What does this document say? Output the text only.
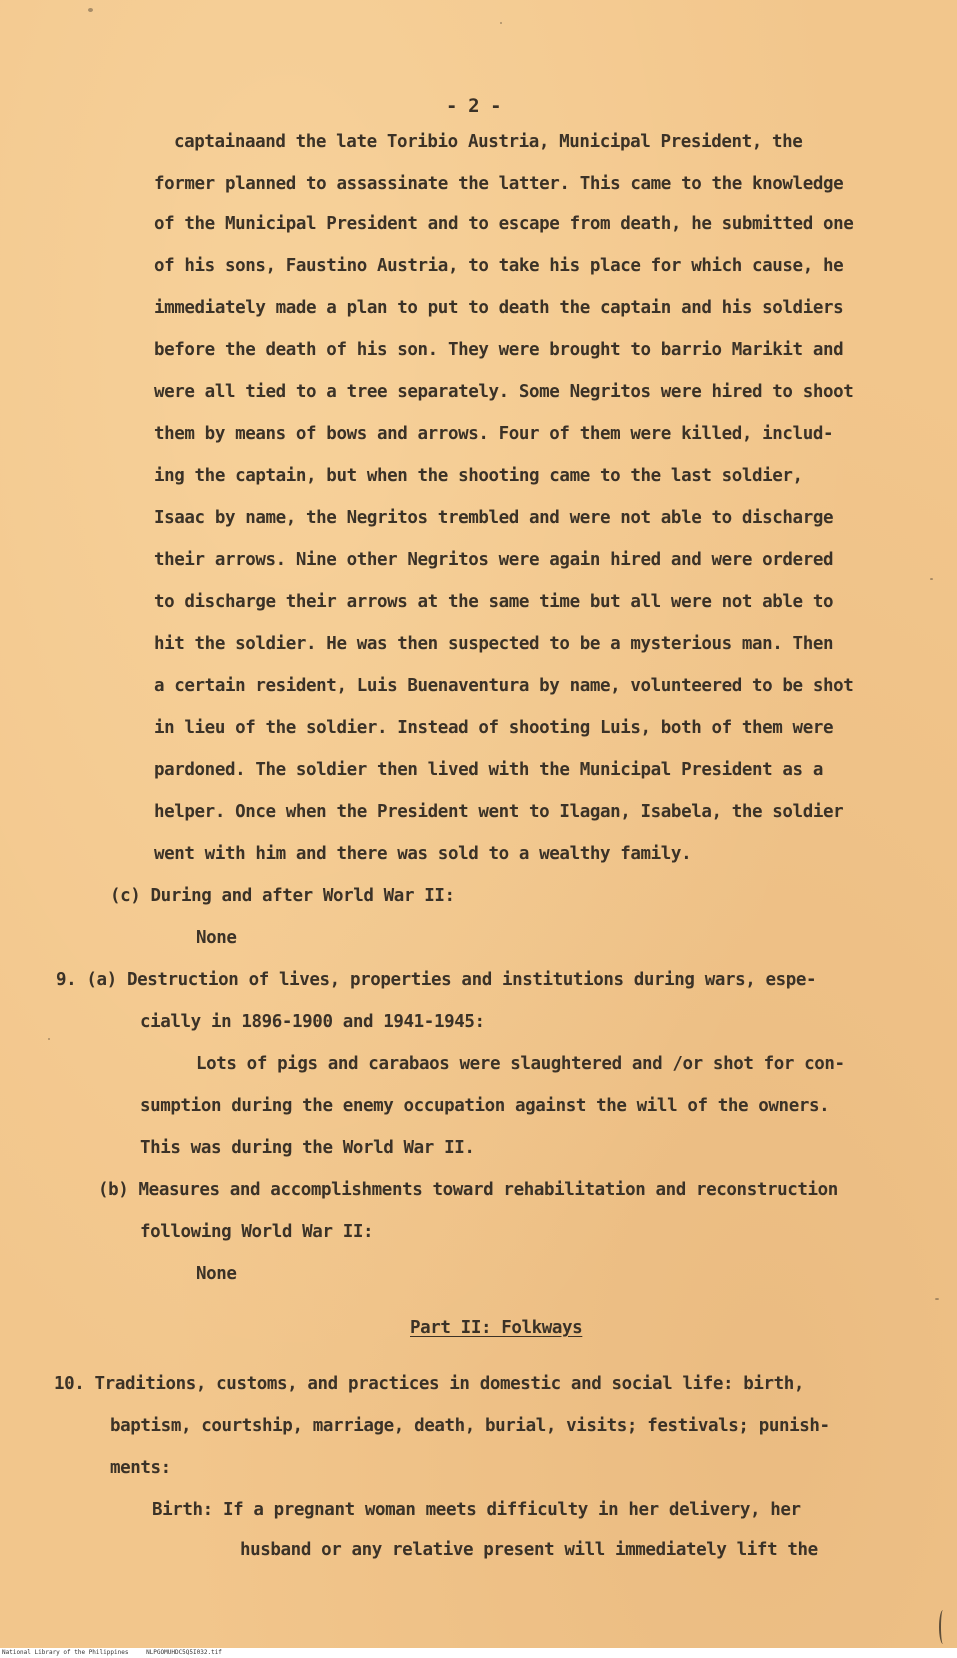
- 2 -
captainaand the late Toribio Austria, Municipal President, the
former planned to assassinate the latter. This came to the knowledge
of the Municipal President and to escape from death, he submitted one
of his sons, Faustino Austria, to take his place for which cause, he
immediately made a plan to put to death the captain and his soldiers
before the death of his son. They were brought to barrio Marikit and
were all tied to a tree separately. Some Negritos were hired to shoot
them by means of bows and arrows. Four of them were killed, includ-
ing the captain, but when the shooting came to the last soldier,
Isaac by name, the Negritos trembled and were not able to discharge
their arrows. Nine other Negritos were again hired and were ordered
to discharge their arrows at the same time but all were not able to
hit the soldier. He was then suspected to be a mysterious man. Then
a certain resident, Luis Buenaventura by name, volunteered to be shot
in lieu of the soldier. Instead of shooting Luis, both of them were
pardoned. The soldier then lived with the Municipal President as a
helper. Once when the President went to Ilagan, Isabela, the soldier
went with him and there was sold to a wealthy family.
(c) During and after World War II:
None
9. (a) Destruction of lives, properties and institutions during wars, espe-
cially in 1896-1900 and 1941-1945:
Lots of pigs and carabaos were slaughtered and /or shot for con-
sumption during the enemy occupation against the will of the owners.
This was during the World War II.
(b) Measures and accomplishments toward rehabilitation and reconstruction
following World War II:
None
Part II: Folkways
10. Traditions, customs, and practices in domestic and social life: birth,
baptism, courtship, marriage, death, burial, visits; festivals; punish-
ments:
Birth: If a pregnant woman meets difficulty in her delivery, her
husband or any relative present will immediately lift the
National Library of the Philippines	NLPGOMUHDC5Q5I032.tif
